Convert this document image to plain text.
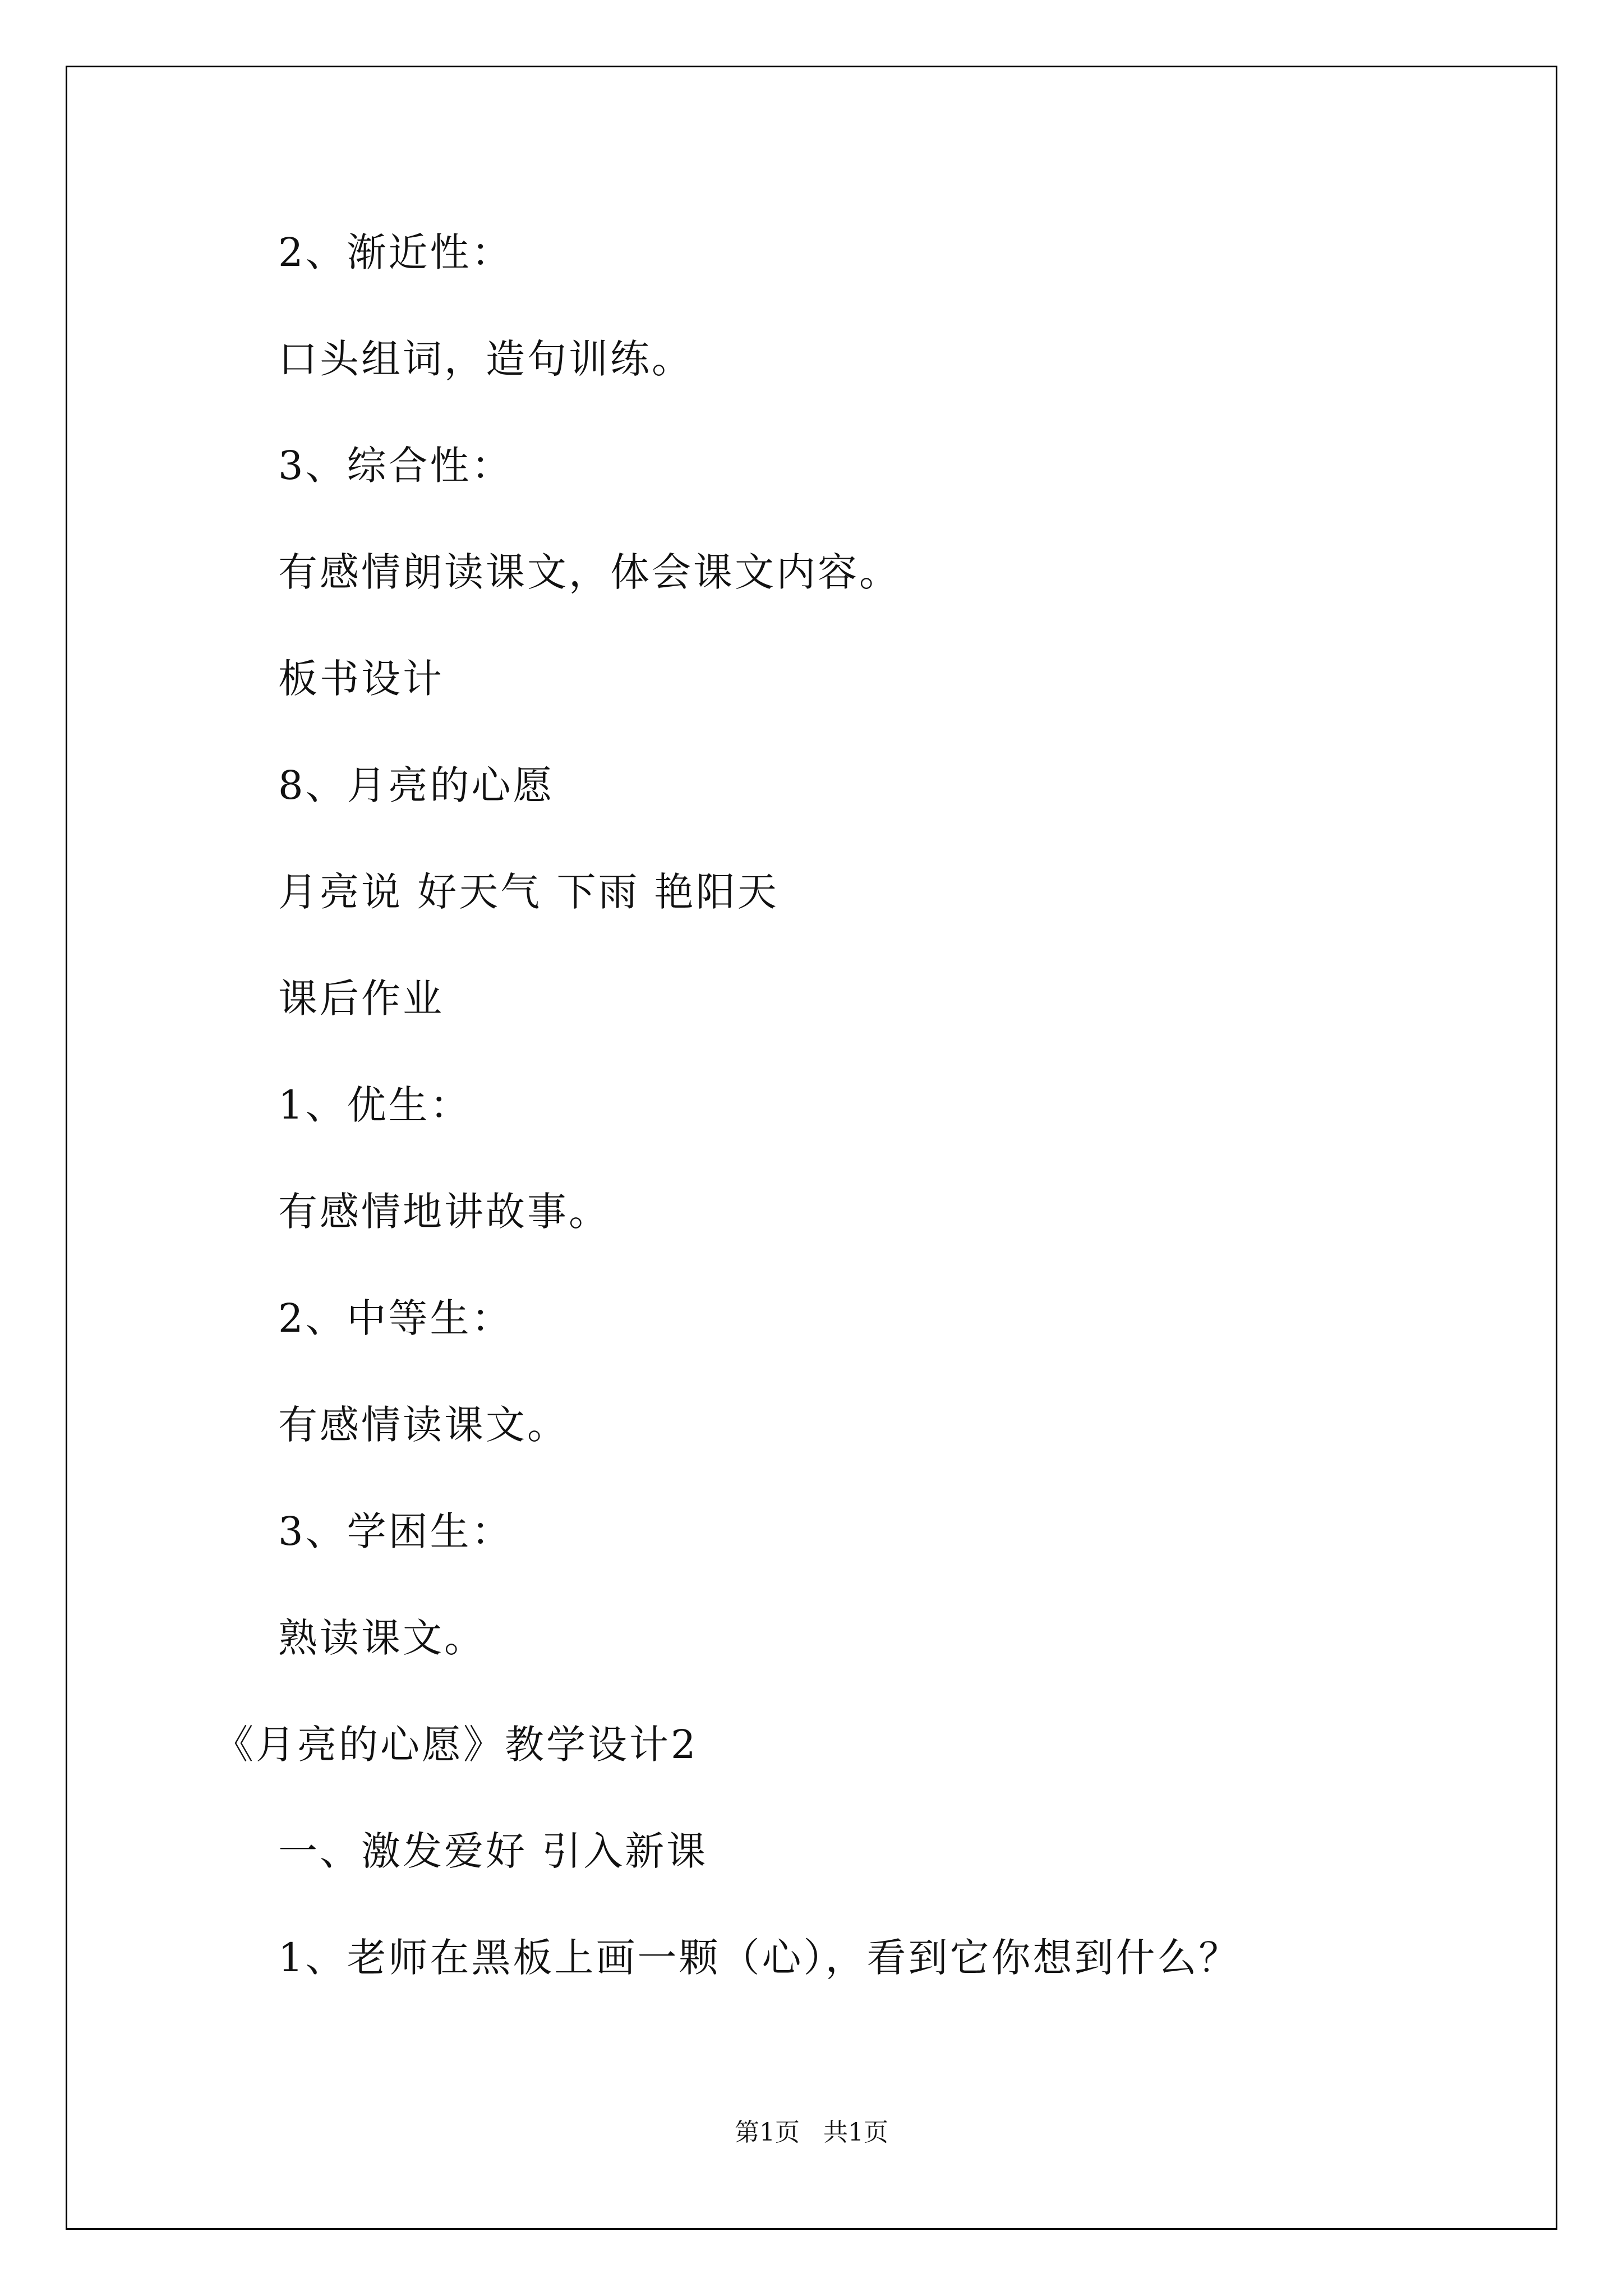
2、渐近性：
口头组词，造句训练。
3、综合性：
有感情朗读课文，体会课文内容。
板书设计
8、月亮的心愿
月亮说 好天气 下雨 艳阳天
课后作业
1、优生：
有感情地讲故事。
2、中等生：
有感情读课文。
3、学困生：
熟读课文。
《月亮的心愿》教学设计2
一、激发爱好 引入新课
1、老师在黑板上画一颗（心），看到它你想到什么？
第1页   共1页
